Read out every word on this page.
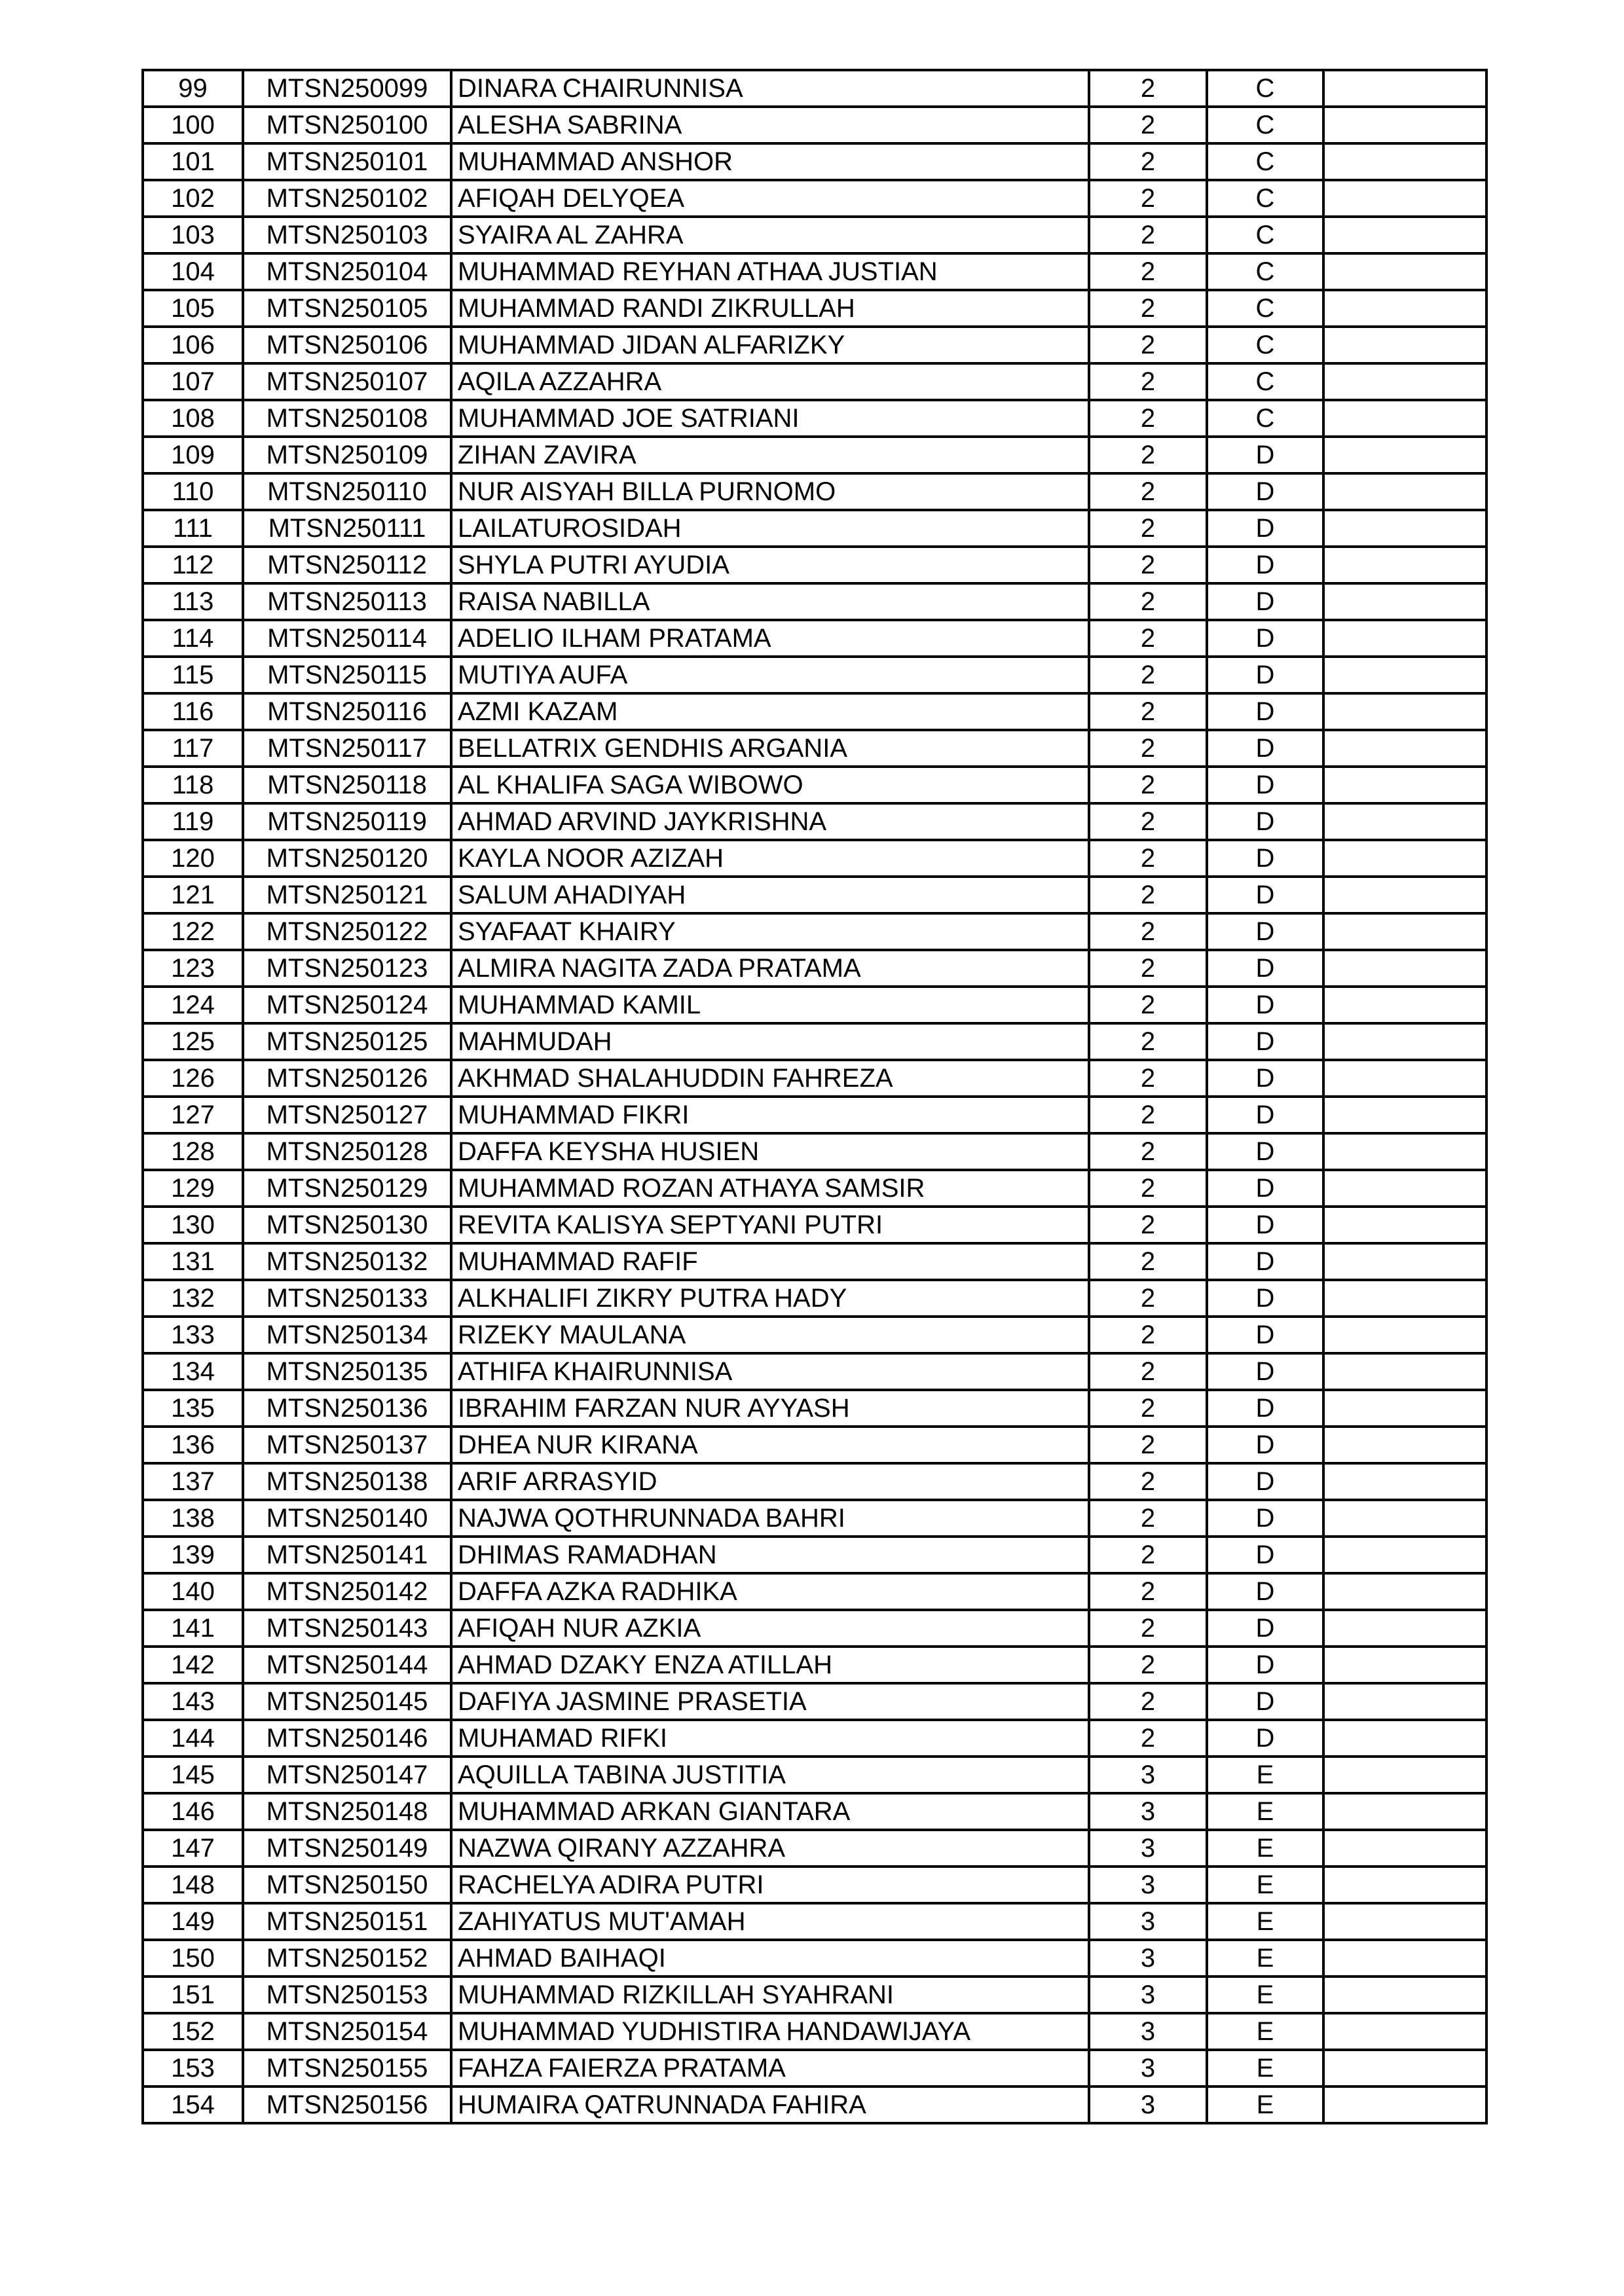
99	MTSN250099	DINARA CHAIRUNNISA	2	C	
100	MTSN250100	ALESHA SABRINA	2	C	
101	MTSN250101	MUHAMMAD ANSHOR	2	C	
102	MTSN250102	AFIQAH DELYQEA	2	C	
103	MTSN250103	SYAIRA AL ZAHRA	2	C	
104	MTSN250104	MUHAMMAD REYHAN ATHAA JUSTIAN	2	C	
105	MTSN250105	MUHAMMAD RANDI ZIKRULLAH	2	C	
106	MTSN250106	MUHAMMAD JIDAN ALFARIZKY	2	C	
107	MTSN250107	AQILA AZZAHRA	2	C	
108	MTSN250108	MUHAMMAD JOE SATRIANI	2	C	
109	MTSN250109	ZIHAN ZAVIRA	2	D	
110	MTSN250110	NUR AISYAH BILLA PURNOMO	2	D	
111	MTSN250111	LAILATUROSIDAH	2	D	
112	MTSN250112	SHYLA PUTRI AYUDIA	2	D	
113	MTSN250113	RAISA NABILLA	2	D	
114	MTSN250114	ADELIO ILHAM PRATAMA	2	D	
115	MTSN250115	MUTIYA AUFA	2	D	
116	MTSN250116	AZMI KAZAM	2	D	
117	MTSN250117	BELLATRIX GENDHIS ARGANIA	2	D	
118	MTSN250118	AL KHALIFA SAGA WIBOWO	2	D	
119	MTSN250119	AHMAD ARVIND JAYKRISHNA	2	D	
120	MTSN250120	KAYLA NOOR AZIZAH	2	D	
121	MTSN250121	SALUM AHADIYAH	2	D	
122	MTSN250122	SYAFAAT KHAIRY	2	D	
123	MTSN250123	ALMIRA NAGITA ZADA PRATAMA	2	D	
124	MTSN250124	MUHAMMAD KAMIL	2	D	
125	MTSN250125	MAHMUDAH	2	D	
126	MTSN250126	AKHMAD SHALAHUDDIN FAHREZA	2	D	
127	MTSN250127	MUHAMMAD FIKRI	2	D	
128	MTSN250128	DAFFA KEYSHA HUSIEN	2	D	
129	MTSN250129	MUHAMMAD ROZAN ATHAYA SAMSIR	2	D	
130	MTSN250130	REVITA KALISYA SEPTYANI PUTRI	2	D	
131	MTSN250132	MUHAMMAD RAFIF	2	D	
132	MTSN250133	ALKHALIFI ZIKRY PUTRA HADY	2	D	
133	MTSN250134	RIZEKY MAULANA	2	D	
134	MTSN250135	ATHIFA KHAIRUNNISA	2	D	
135	MTSN250136	IBRAHIM FARZAN NUR AYYASH	2	D	
136	MTSN250137	DHEA NUR KIRANA	2	D	
137	MTSN250138	ARIF ARRASYID	2	D	
138	MTSN250140	NAJWA QOTHRUNNADA BAHRI	2	D	
139	MTSN250141	DHIMAS RAMADHAN	2	D	
140	MTSN250142	DAFFA AZKA RADHIKA	2	D	
141	MTSN250143	AFIQAH NUR AZKIA	2	D	
142	MTSN250144	AHMAD DZAKY ENZA ATILLAH	2	D	
143	MTSN250145	DAFIYA JASMINE PRASETIA	2	D	
144	MTSN250146	MUHAMAD RIFKI	2	D	
145	MTSN250147	AQUILLA TABINA JUSTITIA	3	E	
146	MTSN250148	MUHAMMAD ARKAN GIANTARA	3	E	
147	MTSN250149	NAZWA QIRANY AZZAHRA	3	E	
148	MTSN250150	RACHELYA ADIRA PUTRI	3	E	
149	MTSN250151	ZAHIYATUS MUT'AMAH	3	E	
150	MTSN250152	AHMAD BAIHAQI	3	E	
151	MTSN250153	MUHAMMAD RIZKILLAH SYAHRANI	3	E	
152	MTSN250154	MUHAMMAD YUDHISTIRA HANDAWIJAYA	3	E	
153	MTSN250155	FAHZA FAIERZA PRATAMA	3	E	
154	MTSN250156	HUMAIRA QATRUNNADA FAHIRA	3	E	
